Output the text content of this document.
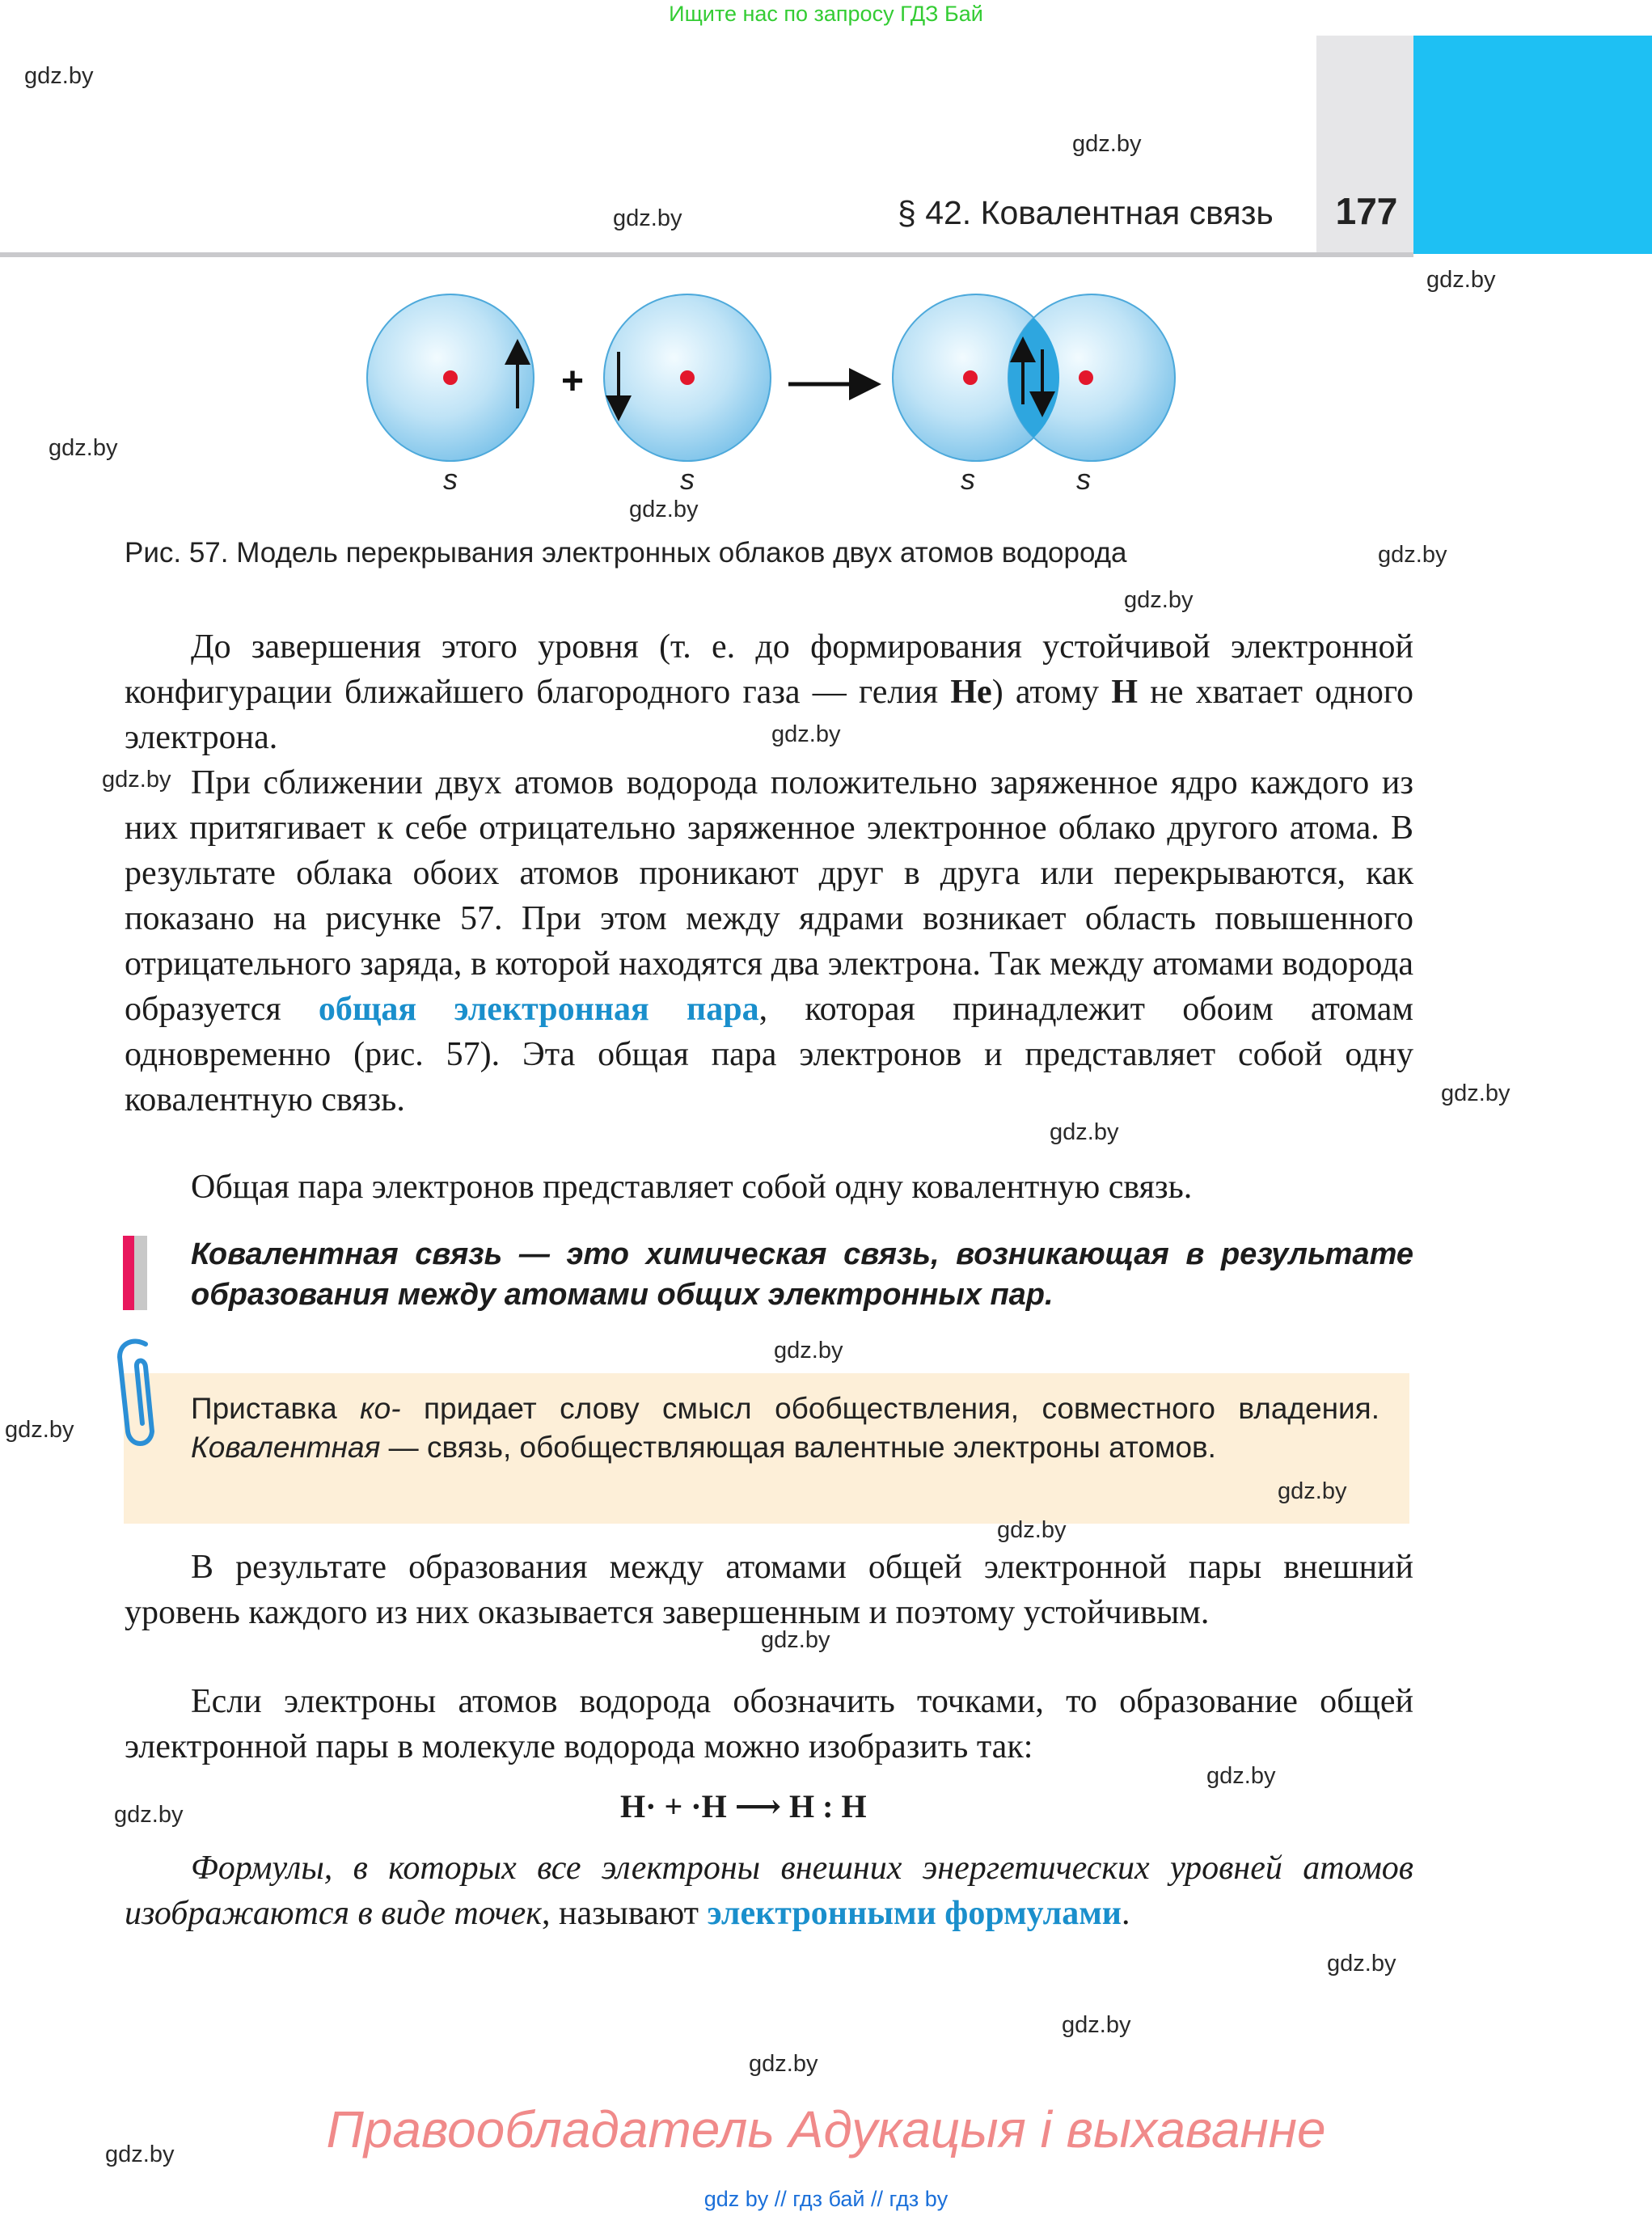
Ищите нас по запросу ГДЗ Бай
§ 42. Ковалентная связь 177
+
s	s	s	s
Рис. 57. Модель перекрывания электронных облаков двух атомов водорода
До завершения этого уровня (т. е. до формирования устойчивой электронной конфигурации ближайшего благородного газа — гелия He) атому H не хватает одного электрона.
При сближении двух атомов водорода положительно заряженное ядро каждого из них притягивает к себе отрицательно заряженное электронное облако другого атома. В результате облака обоих атомов проникают друг в друга или перекрываются, как показано на рисунке 57. При этом между ядрами возникает область повышенного отрицательного заряда, в которой находятся два электрона. Так между атомами водорода образуется общая электронная пара, которая принадлежит обоим атомам одновременно (рис. 57). Эта общая пара электронов и представляет собой одну ковалентную связь.
Общая пара электронов представляет собой одну ковалентную связь.
Ковалентная связь — это химическая связь, возникающая в результате образования между атомами общих электронных пар.
Приставка ко- придает слову смысл обобществления, совместного владения. Ковалентная — связь, обобществляющая валентные электроны атомов.
В результате образования между атомами общей электронной пары внешний уровень каждого из них оказывается завершенным и поэтому устойчивым.
Если электроны атомов водорода обозначить точками, то образование общей электронной пары в молекуле водорода можно изобразить так:
H· + ·H ⟶ H : H
Формулы, в которых все электроны внешних энергетических уровней атомов изображаются в виде точек, называют электронными формулами.
gdz.by
gdz.by
gdz.by
gdz.by
gdz.by
gdz.by
gdz.by
gdz.by
gdz.by
gdz.by
gdz.by
gdz.by
gdz.by
gdz.by
gdz.by
gdz.by
gdz.by
gdz.by
gdz.by
gdz.by
gdz.by
gdz.by
gdz.by	Правообладатель Адукацыя і выхаванне
gdz by // гдз бай // гдз by
